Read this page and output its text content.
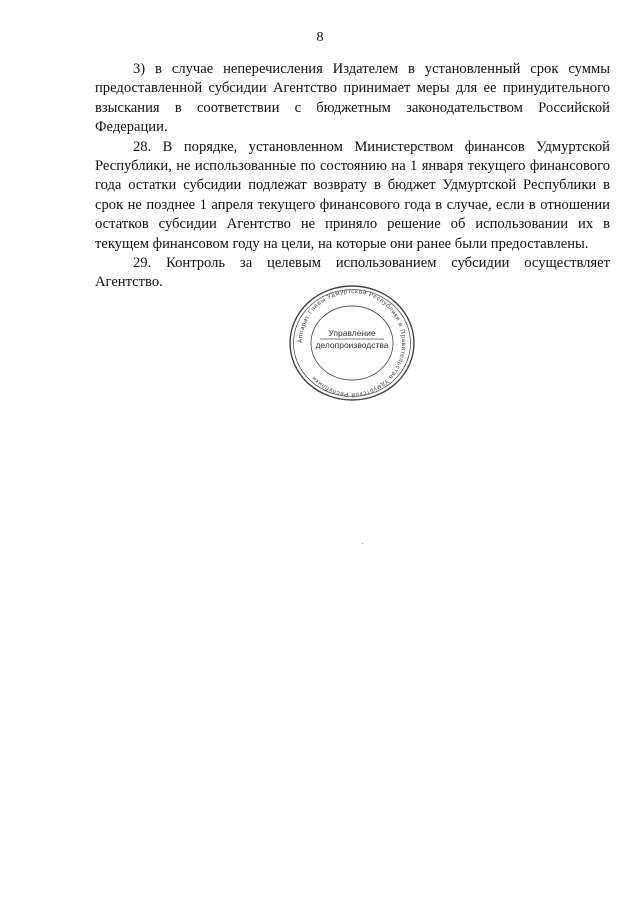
8

3) в случае неперечисления Издателем в установленный срок суммы предоставленной субсидии Агентство принимает меры для ее принудительного взыскания в соответствии с бюджетным законодательством Российской Федерации.

28. В порядке, установленном Министерством финансов Удмуртской Республики, не использованные по состоянию на 1 января текущего финансового года остатки субсидии подлежат возврату в бюджет Удмуртской Республики в срок не позднее 1 апреля текущего финансового года в случае, если в отношении остатков субсидии Агентство не приняло решение об использовании их в текущем финансовом году на цели, на которые они ранее были предоставлены.

29. Контроль за целевым использованием субсидии осуществляет Агентство.

Аппарат Главы Удмуртской Республики и Правительства Удмуртской Республики
Управление
делопроизводства
